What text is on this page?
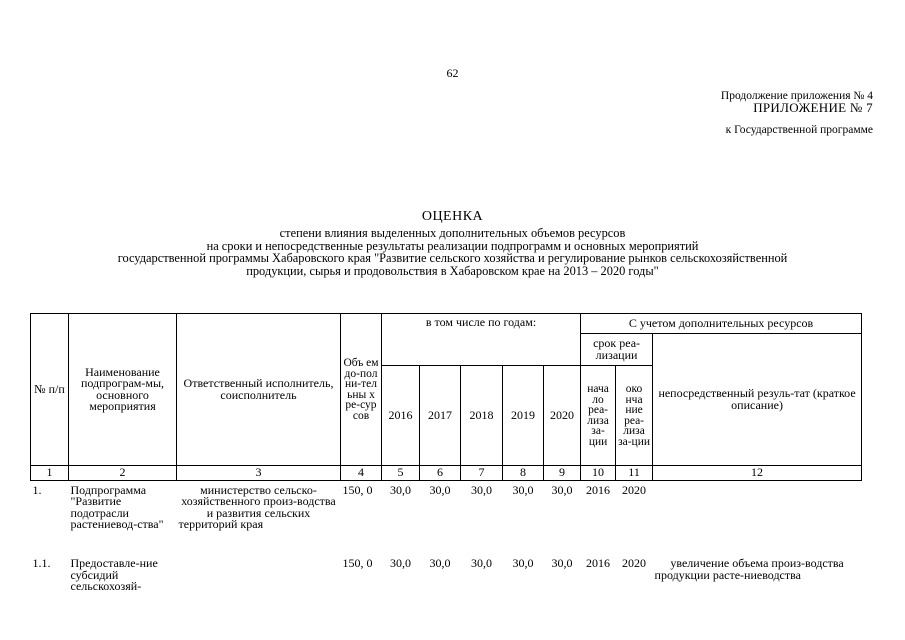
62
Продолжение приложения № 4
ПРИЛОЖЕНИЕ № 7
к Государственной программе
ОЦЕНКА
степени влияния выделенных дополнительных объемов ресурсов
на сроки и непосредственные результаты реализации подпрограмм и основных мероприятий
государственной программы Хабаровского края "Развитие сельского хозяйства и регулирование рынков сельскохозяйственной
продукции, сырья и продовольствия в Хабаровском крае на 2013 – 2020 годы"
№ п/п	Наименование подпрограм-мы, основного мероприятия	Ответственный исполнитель, соисполнитель	Объ ем до-пол ни-тел ьны х ре-сур сов	в том числе по годам:					С учетом дополнительных ресурсов		
									срок реа-лизации		непосредственный резуль-тат (краткое описание)
				2016	2017	2018	2019	2020	нача ло реа-лиза за-ции	око нча ние реа-лиза за-ции	
1	2	3	4	5	6	7	8	9	10	11	12
1.	Подпрограмма "Развитие подотрасли растениевод-ства"	министерство сельско-хозяйственного произ-водства и развития сельских территорий края	150, 0	30,0	30,0	30,0	30,0	30,0	2016	2020	
1.1.	Предоставле-ние субсидий сельскохозяй-		150, 0	30,0	30,0	30,0	30,0	30,0	2016	2020	увеличение объема произ-водства продукции расте-ниеводства
